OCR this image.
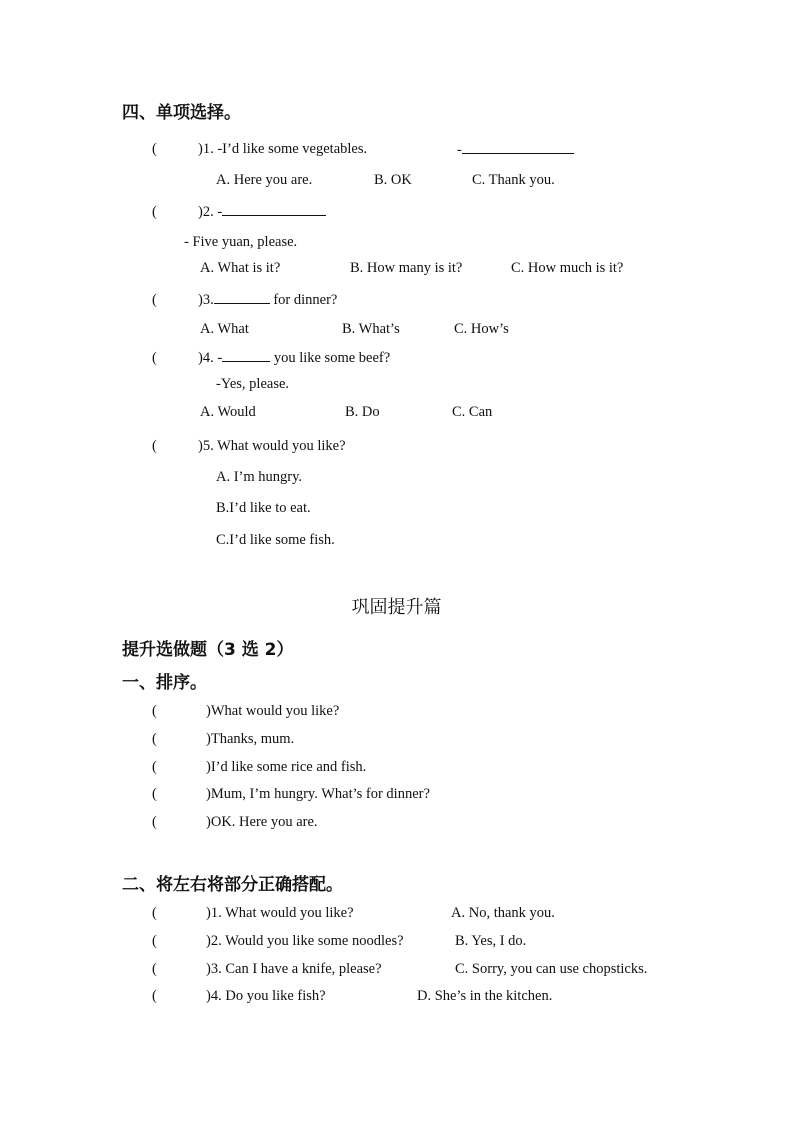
四、单项选择。
(	)1. -I’d like some vegetables.	-
A. Here you are.	B. OK	C. Thank you.
(	)2. -
- Five yuan, please.
A. What is it?	B. How many is it?	C. How much is it?
(	)3.	for dinner?
A. What	B. What’s	C. How’s
(	)4. -	you like some beef?
-Yes, please.
A. Would	B. Do	C. Can
(	)5. What would you like?
A. I’m hungry.
B.I’d like to eat.
C.I’d like some fish.
巩固提升篇
提升选做题（3 选 2）
一、排序。
(	)What would you like?
(	)Thanks, mum.
(	)I’d like some rice and fish.
(	)Mum, I’m hungry. What’s for dinner?
(	)OK. Here you are.
二、将左右将部分正确搭配。
(	)1. What would you like?	A. No, thank you.
(	)2. Would you like some noodles?	B. Yes, I do.
(	)3. Can I have a knife, please?	C. Sorry, you can use chopsticks.
(	)4. Do you like fish?	D. She’s in the kitchen.
